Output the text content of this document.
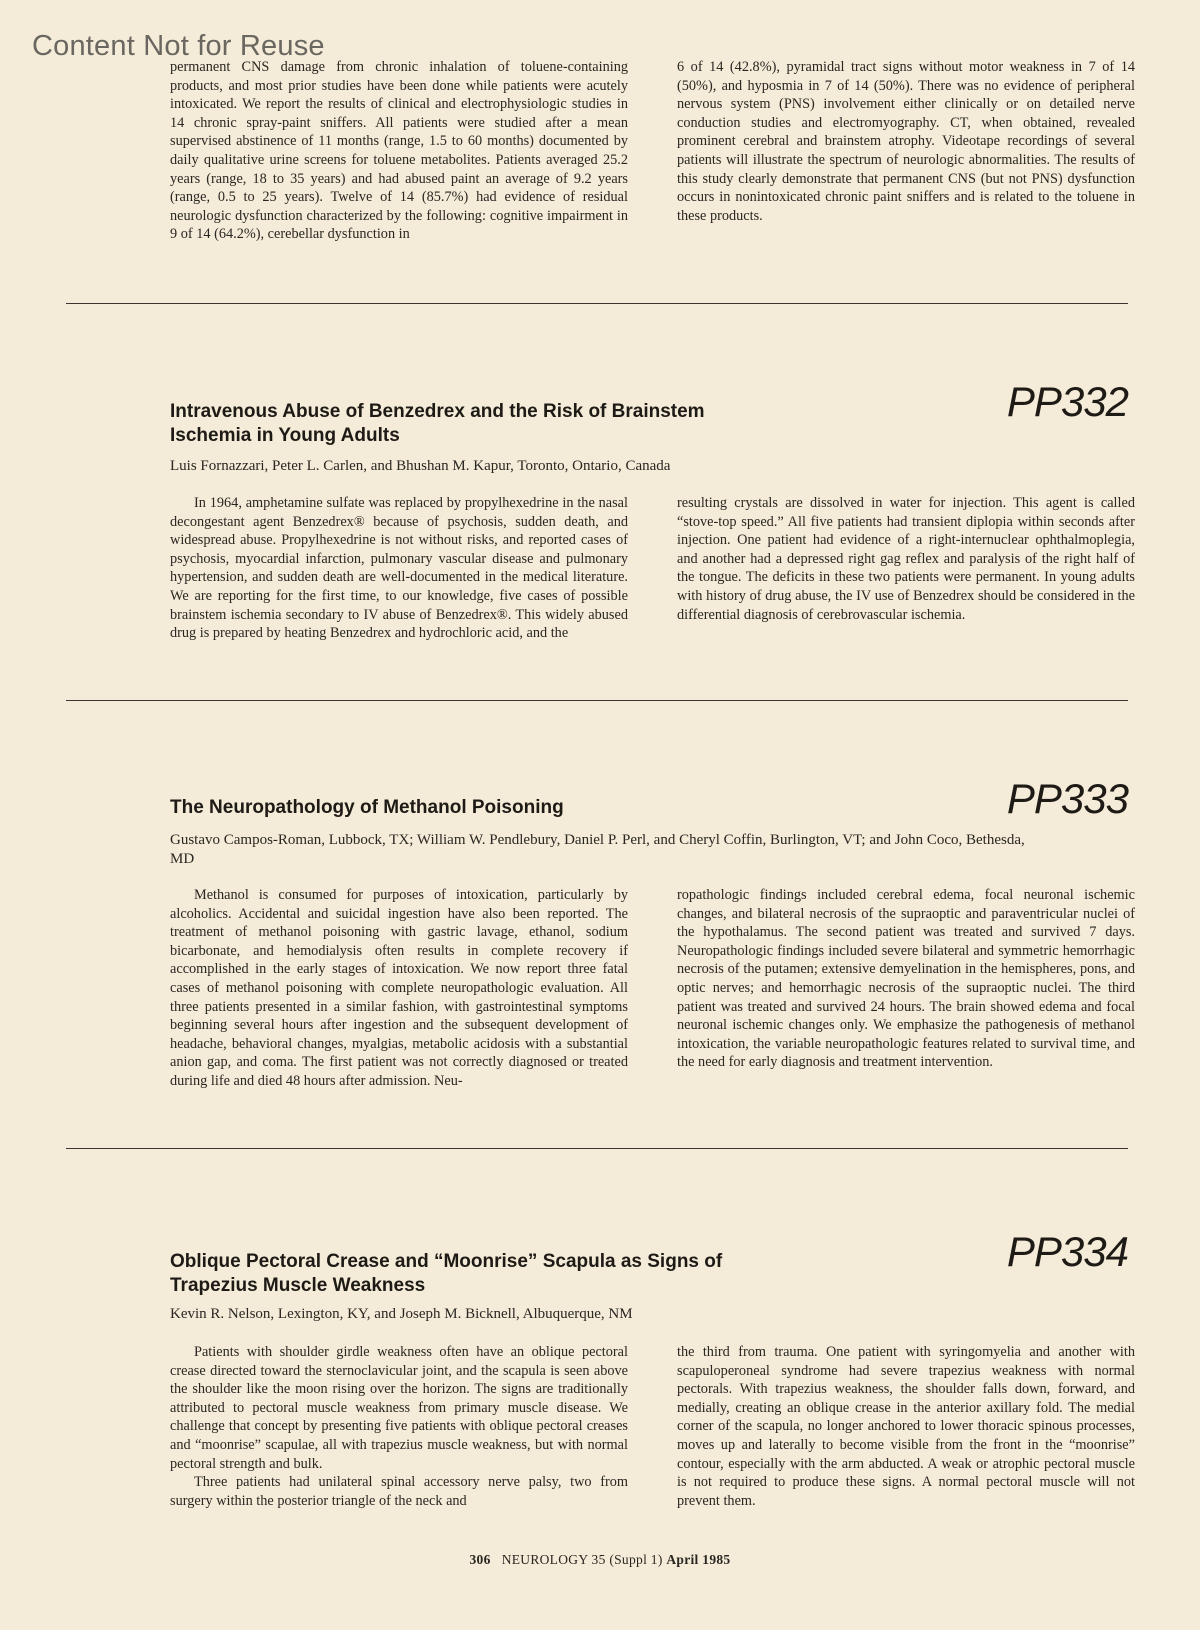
Content Not for Reuse

permanent CNS damage from chronic inhalation of toluene-containing products, and most prior studies have been done while patients were acutely intoxicated. We report the results of clinical and electrophysiologic studies in 14 chronic spray-paint sniffers. All patients were studied after a mean supervised abstinence of 11 months (range, 1.5 to 60 months) documented by daily qualitative urine screens for toluene metabolites. Patients averaged 25.2 years (range, 18 to 35 years) and had abused paint an average of 9.2 years (range, 0.5 to 25 years). Twelve of 14 (85.7%) had evidence of residual neurologic dysfunction characterized by the following: cognitive impairment in 9 of 14 (64.2%), cerebellar dysfunction in

6 of 14 (42.8%), pyramidal tract signs without motor weakness in 7 of 14 (50%), and hyposmia in 7 of 14 (50%). There was no evidence of peripheral nervous system (PNS) involvement either clinically or on detailed nerve conduction studies and electromyography. CT, when obtained, revealed prominent cerebral and brainstem atrophy. Videotape recordings of several patients will illustrate the spectrum of neurologic abnormalities. The results of this study clearly demonstrate that permanent CNS (but not PNS) dysfunction occurs in nonintoxicated chronic paint sniffers and is related to the toluene in these products.

Intravenous Abuse of Benzedrex and the Risk of Brainstem Ischemia in Young Adults
PP332
Luis Fornazzari, Peter L. Carlen, and Bhushan M. Kapur, Toronto, Ontario, Canada

In 1964, amphetamine sulfate was replaced by propylhexedrine in the nasal decongestant agent Benzedrex® because of psychosis, sudden death, and widespread abuse. Propylhexedrine is not without risks, and reported cases of psychosis, myocardial infarction, pulmonary vascular disease and pulmonary hypertension, and sudden death are well-documented in the medical literature. We are reporting for the first time, to our knowledge, five cases of possible brainstem ischemia secondary to IV abuse of Benzedrex®. This widely abused drug is prepared by heating Benzedrex and hydrochloric acid, and the

resulting crystals are dissolved in water for injection. This agent is called “stove-top speed.” All five patients had transient diplopia within seconds after injection. One patient had evidence of a right-internuclear ophthalmoplegia, and another had a depressed right gag reflex and paralysis of the right half of the tongue. The deficits in these two patients were permanent. In young adults with history of drug abuse, the IV use of Benzedrex should be considered in the differential diagnosis of cerebrovascular ischemia.

The Neuropathology of Methanol Poisoning	PP333
Gustavo Campos-Roman, Lubbock, TX; William W. Pendlebury, Daniel P. Perl, and Cheryl Coffin, Burlington, VT; and John Coco, Bethesda, MD

Methanol is consumed for purposes of intoxication, particularly by alcoholics. Accidental and suicidal ingestion have also been reported. The treatment of methanol poisoning with gastric lavage, ethanol, sodium bicarbonate, and hemodialysis often results in complete recovery if accomplished in the early stages of intoxication. We now report three fatal cases of methanol poisoning with complete neuropathologic evaluation. All three patients presented in a similar fashion, with gastrointestinal symptoms beginning several hours after ingestion and the subsequent development of headache, behavioral changes, myalgias, metabolic acidosis with a substantial anion gap, and coma. The first patient was not correctly diagnosed or treated during life and died 48 hours after admission. Neu-

ropathologic findings included cerebral edema, focal neuronal ischemic changes, and bilateral necrosis of the supraoptic and paraventricular nuclei of the hypothalamus. The second patient was treated and survived 7 days. Neuropathologic findings included severe bilateral and symmetric hemorrhagic necrosis of the putamen; extensive demyelination in the hemispheres, pons, and optic nerves; and hemorrhagic necrosis of the supraoptic nuclei. The third patient was treated and survived 24 hours. The brain showed edema and focal neuronal ischemic changes only. We emphasize the pathogenesis of methanol intoxication, the variable neuropathologic features related to survival time, and the need for early diagnosis and treatment intervention.

Oblique Pectoral Crease and “Moonrise” Scapula as Signs of Trapezius Muscle Weakness
PP334
Kevin R. Nelson, Lexington, KY, and Joseph M. Bicknell, Albuquerque, NM

Patients with shoulder girdle weakness often have an oblique pectoral crease directed toward the sternoclavicular joint, and the scapula is seen above the shoulder like the moon rising over the horizon. The signs are traditionally attributed to pectoral muscle weakness from primary muscle disease. We challenge that concept by presenting five patients with oblique pectoral creases and “moonrise” scapulae, all with trapezius muscle weakness, but with normal pectoral strength and bulk.

Three patients had unilateral spinal accessory nerve palsy, two from surgery within the posterior triangle of the neck and

the third from trauma. One patient with syringomyelia and another with scapuloperoneal syndrome had severe trapezius weakness with normal pectorals. With trapezius weakness, the shoulder falls down, forward, and medially, creating an oblique crease in the anterior axillary fold. The medial corner of the scapula, no longer anchored to lower thoracic spinous processes, moves up and laterally to become visible from the front in the “moonrise” contour, especially with the arm abducted. A weak or atrophic pectoral muscle is not required to produce these signs. A normal pectoral muscle will not prevent them.

306 NEUROLOGY 35 (Suppl 1) April 1985
